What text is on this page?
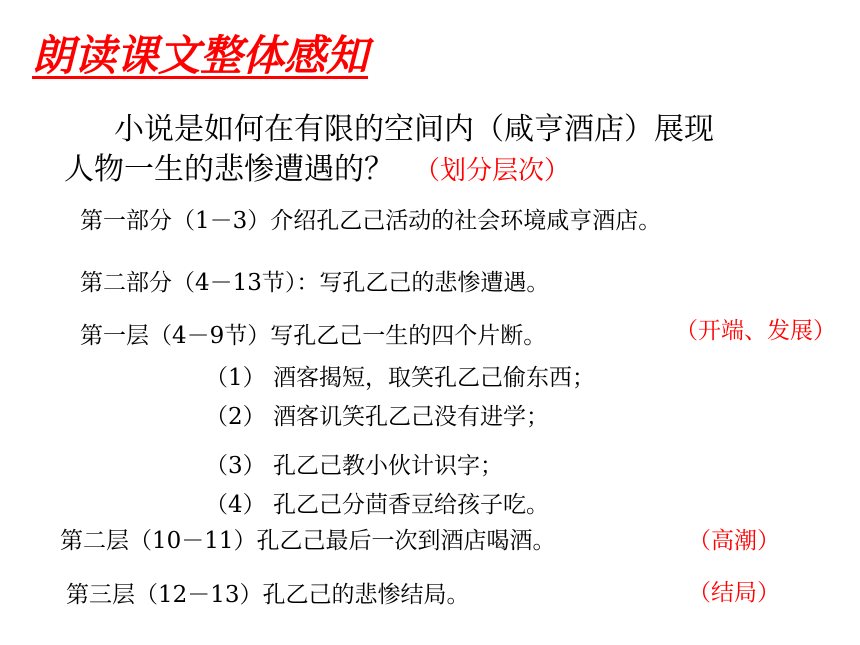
朗读课文整体感知
小说是如何在有限的空间内（咸亨酒店）展现
人物一生的悲惨遭遇的？ （划分层次）
第一部分（1－3）介绍孔乙己活动的社会环境咸亨酒店。
第二部分（4－13节）：写孔乙己的悲惨遭遇。
第一层（4－9节）写孔乙己一生的四个片断。	（开端、发展）
（1） 酒客揭短，取笑孔乙己偷东西；
（2） 酒客讥笑孔乙己没有进学；
（3） 孔乙己教小伙计识字；
（4） 孔乙己分茴香豆给孩子吃。
第二层（10－11）孔乙己最后一次到酒店喝酒。	（高潮）
第三层（12－13）孔乙己的悲惨结局。	（结局）
